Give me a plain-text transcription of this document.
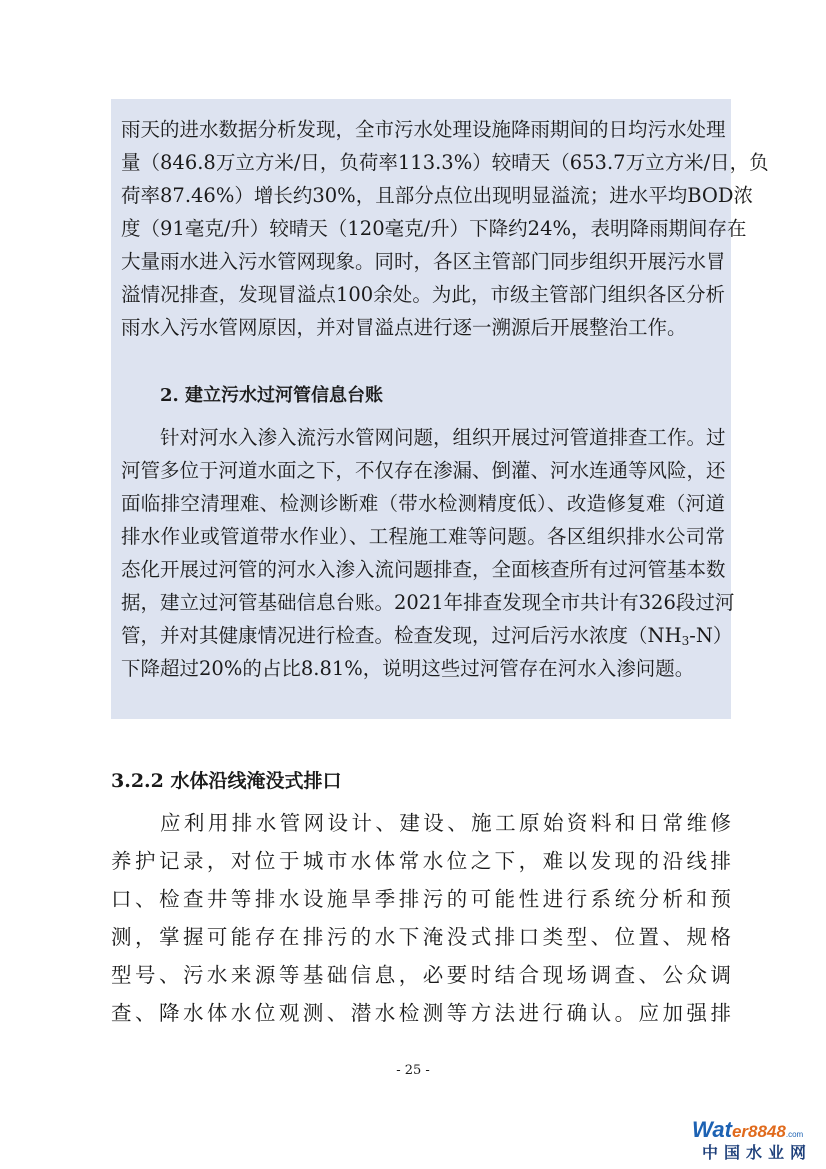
雨天的进水数据分析发现，全市污水处理设施降雨期间的日均污水处理
量（846.8万立方米/日，负荷率113.3%）较晴天（653.7万立方米/日，负
荷率87.46%）增长约30%，且部分点位出现明显溢流；进水平均BOD浓
度（91毫克/升）较晴天（120毫克/升）下降约24%，表明降雨期间存在
大量雨水进入污水管网现象。同时，各区主管部门同步组织开展污水冒
溢情况排查，发现冒溢点100余处。为此，市级主管部门组织各区分析
雨水入污水管网原因，并对冒溢点进行逐一溯源后开展整治工作。
2. 建立污水过河管信息台账
针对河水入渗入流污水管网问题，组织开展过河管道排查工作。过
河管多位于河道水面之下，不仅存在渗漏、倒灌、河水连通等风险，还
面临排空清理难、检测诊断难（带水检测精度低）、改造修复难（河道
排水作业或管道带水作业）、工程施工难等问题。各区组织排水公司常
态化开展过河管的河水入渗入流问题排查，全面核查所有过河管基本数
据，建立过河管基础信息台账。2021年排查发现全市共计有326段过河
管，并对其健康情况进行检查。检查发现，过河后污水浓度$(NH_3-N)$
下降超过20%的占比8.81%，说明这些过河管存在河水入渗问题。
3.2.2 水体沿线淹没式排口
应利用排水管网设计、建设、施工原始资料和日常维修
养护记录，对位于城市水体常水位之下，难以发现的沿线排
口、检查井等排水设施旱季排污的可能性进行系统分析和预
测，掌握可能存在排污的水下淹没式排口类型、位置、规格
型号、污水来源等基础信息，必要时结合现场调查、公众调
查、降水体水位观测、潜水检测等方法进行确认。应加强排
- 25 -
Water8848.com
中国水业网
